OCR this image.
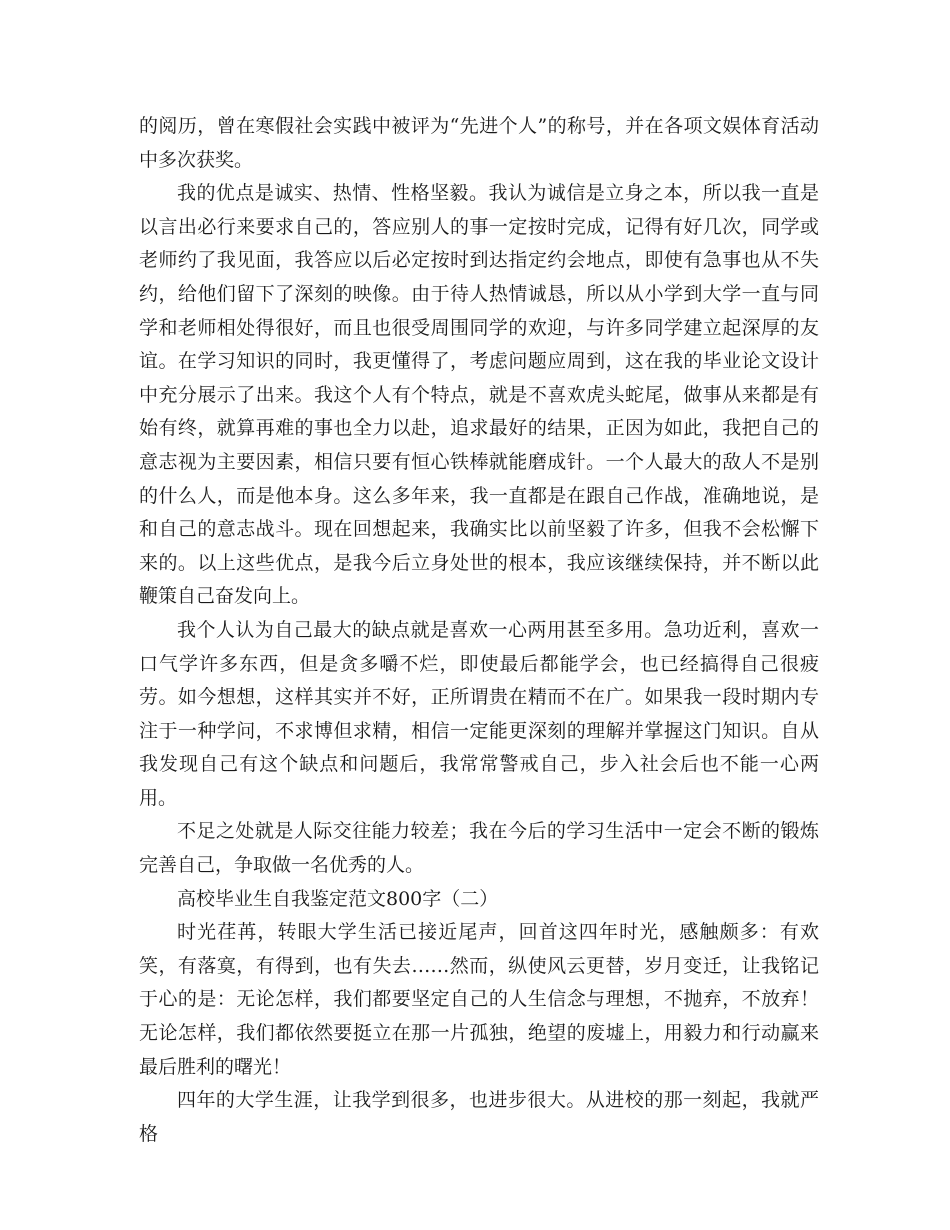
的阅历，曾在寒假社会实践中被评为“先进个人”的称号，并在各项文娱体育活动中多次获奖。

我的优点是诚实、热情、性格坚毅。我认为诚信是立身之本，所以我一直是以言出必行来要求自己的，答应别人的事一定按时完成，记得有好几次，同学或老师约了我见面，我答应以后必定按时到达指定约会地点，即使有急事也从不失约，给他们留下了深刻的映像。由于待人热情诚恳，所以从小学到大学一直与同学和老师相处得很好，而且也很受周围同学的欢迎，与许多同学建立起深厚的友谊。在学习知识的同时，我更懂得了，考虑问题应周到，这在我的毕业论文设计中充分展示了出来。我这个人有个特点，就是不喜欢虎头蛇尾，做事从来都是有始有终，就算再难的事也全力以赴，追求最好的结果，正因为如此，我把自己的意志视为主要因素，相信只要有恒心铁棒就能磨成针。一个人最大的敌人不是别的什么人，而是他本身。这么多年来，我一直都是在跟自己作战，准确地说，是和自己的意志战斗。现在回想起来，我确实比以前坚毅了许多，但我不会松懈下来的。以上这些优点，是我今后立身处世的根本，我应该继续保持，并不断以此鞭策自己奋发向上。

我个人认为自己最大的缺点就是喜欢一心两用甚至多用。急功近利，喜欢一口气学许多东西，但是贪多嚼不烂，即使最后都能学会，也已经搞得自己很疲劳。如今想想，这样其实并不好，正所谓贵在精而不在广。如果我一段时期内专注于一种学问，不求博但求精，相信一定能更深刻的理解并掌握这门知识。自从我发现自己有这个缺点和问题后，我常常警戒自己，步入社会后也不能一心两用。

不足之处就是人际交往能力较差；我在今后的学习生活中一定会不断的锻炼完善自己，争取做一名优秀的人。

高校毕业生自我鉴定范文800字（二）

时光荏苒，转眼大学生活已接近尾声，回首这四年时光，感触颇多：有欢笑，有落寞，有得到，也有失去……然而，纵使风云更替，岁月变迁，让我铭记于心的是：无论怎样，我们都要坚定自己的人生信念与理想，不抛弃，不放弃！无论怎样，我们都依然要挺立在那一片孤独，绝望的废墟上，用毅力和行动赢来最后胜利的曙光！

四年的大学生涯，让我学到很多，也进步很大。从进校的那一刻起，我就严格
